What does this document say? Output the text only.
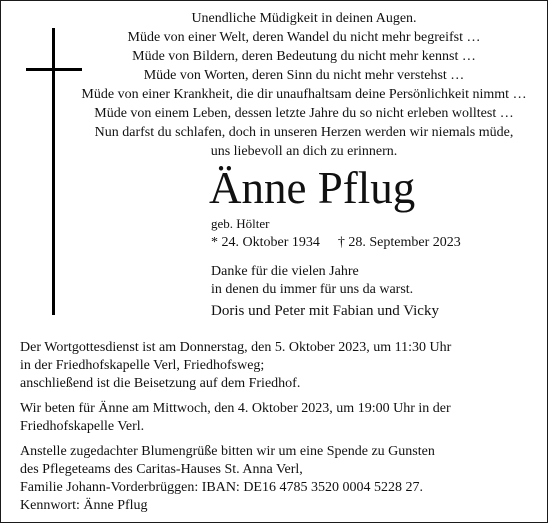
Unendliche Müdigkeit in deinen Augen.
Müde von einer Welt, deren Wandel du nicht mehr begreifst …
Müde von Bildern, deren Bedeutung du nicht mehr kennst …
Müde von Worten, deren Sinn du nicht mehr verstehst …
Müde von einer Krankheit, die dir unaufhaltsam deine Persönlichkeit nimmt …
Müde von einem Leben, dessen letzte Jahre du so nicht erleben wolltest …
Nun darfst du schlafen, doch in unseren Herzen werden wir niemals müde,
uns liebevoll an dich zu erinnern.
Änne Pflug
geb. Hölter
* 24. Oktober 1934 † 28. September 2023
Danke für die vielen Jahre
in denen du immer für uns da warst.
Doris und Peter mit Fabian und Vicky
Der Wortgottesdienst ist am Donnerstag, den 5. Oktober 2023, um 11:30 Uhr
in der Friedhofskapelle Verl, Friedhofsweg;
anschließend ist die Beisetzung auf dem Friedhof.
Wir beten für Änne am Mittwoch, den 4. Oktober 2023, um 19:00 Uhr in der
Friedhofskapelle Verl.
Anstelle zugedachter Blumengrüße bitten wir um eine Spende zu Gunsten
des Pflegeteams des Caritas-Hauses St. Anna Verl,
Familie Johann-Vorderbrüggen: IBAN: DE16 4785 3520 0004 5228 27.
Kennwort: Änne Pflug
